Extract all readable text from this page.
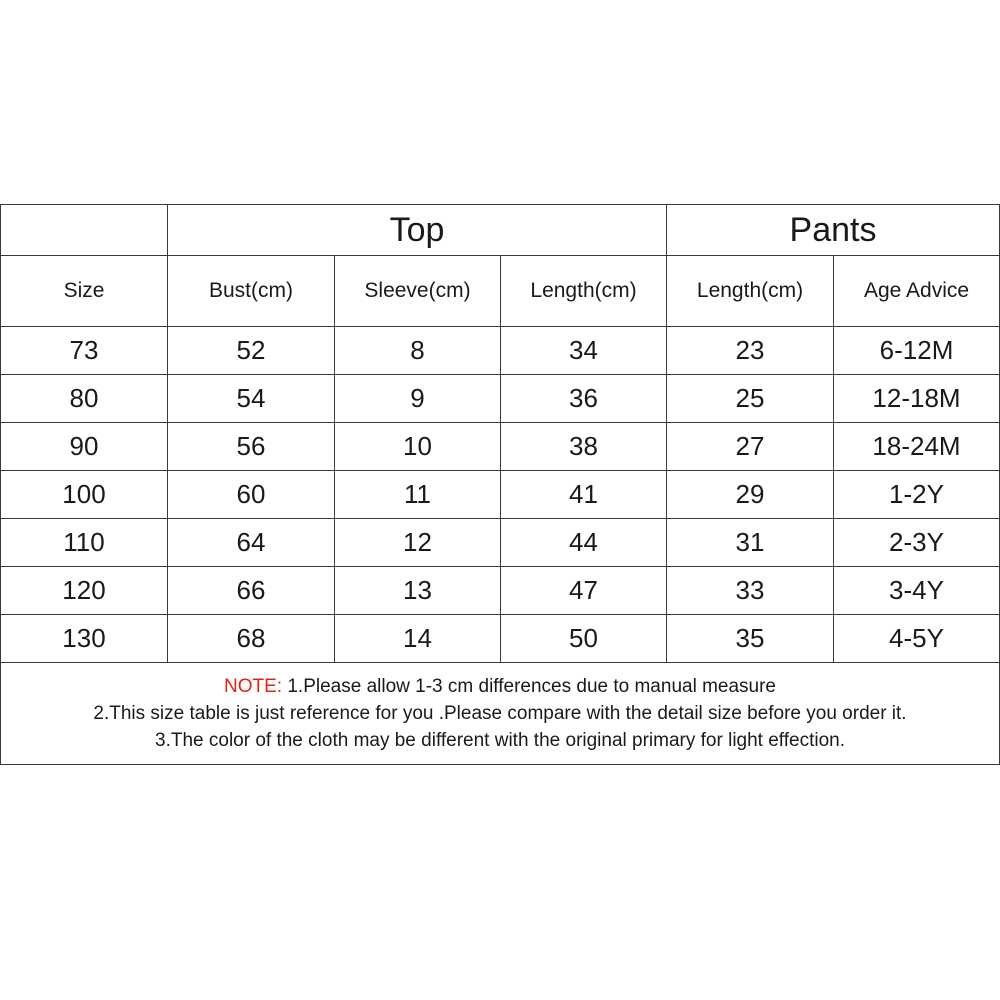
	Top			Pants	
Size	Bust(cm)	Sleeve(cm)	Length(cm)	Length(cm)	Age Advice
73	52	8	34	23	6-12M
80	54	9	36	25	12-18M
90	56	10	38	27	18-24M
100	60	11	41	29	1-2Y
110	64	12	44	31	2-3Y
120	66	13	47	33	3-4Y
130	68	14	50	35	4-5Y

NOTE: 1.Please allow 1-3 cm differences due to manual measure
2.This size table is just reference for you .Please compare with the detail size before you order it.
3.The color of the cloth may be different with the original primary for light effection.					
